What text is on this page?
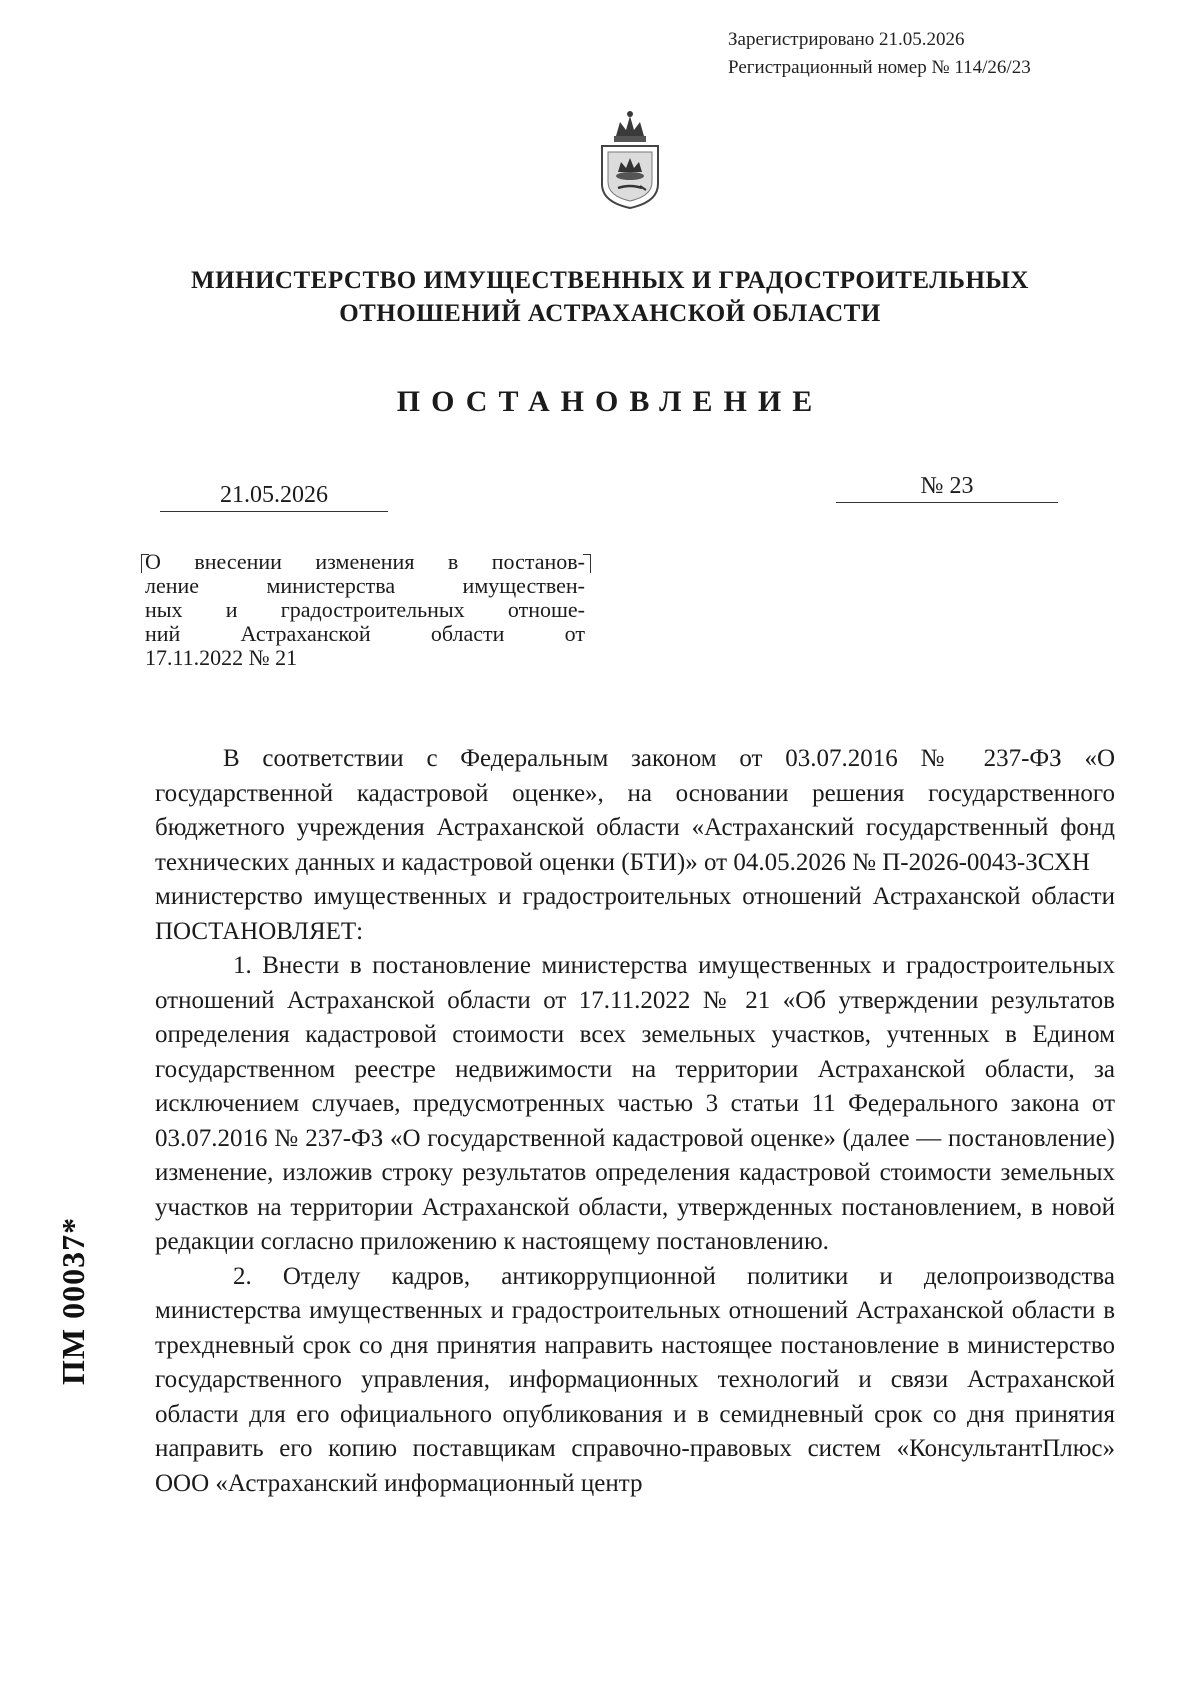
Зарегистрировано 21.05.2026
Регистрационный номер № 114/26/23
МИНИСТЕРСТВО ИМУЩЕСТВЕННЫХ И ГРАДОСТРОИТЕЛЬНЫХ
ОТНОШЕНИЙ АСТРАХАНСКОЙ ОБЛАСТИ
ПОСТАНОВЛЕНИЕ
21.05.2026	№ 23

О внесении изменения в постанов-

ление министерства имуществен-

ных и градостроительных отноше-

ний Астраханской области от

17.11.2022 № 21

В соответствии с Федеральным законом от 03.07.2016 № 237-ФЗ «О государственной кадастровой оценке», на основании решения государственного бюджетного учреждения Астраханской области «Астраханский государственный фонд технических данных и кадастровой оценки (БТИ)» от 04.05.2026 № П-2026-0043-ЗСХН

министерство имущественных и градостроительных отношений Астраханской области ПОСТАНОВЛЯЕТ:

1. Внести в постановление министерства имущественных и градостроительных отношений Астраханской области от 17.11.2022 № 21 «Об утверждении результатов определения кадастровой стоимости всех земельных участков, учтенных в Едином государственном реестре недвижимости на территории Астраханской области, за исключением случаев, предусмотренных частью 3 статьи 11 Федерального закона от 03.07.2016 № 237-ФЗ «О государственной кадастровой оценке» (далее — постановление) изменение, изложив строку результатов определения кадастровой стоимости земельных участков на территории Астраханской области, утвержденных постановлением, в новой редакции согласно приложению к настоящему постановлению.

2. Отделу кадров, антикоррупционной политики и делопроизводства министерства имущественных и градостроительных отношений Астраханской области в трехдневный срок со дня принятия направить настоящее постановление в министерство государственного управления, информационных технологий и связи Астраханской области для его официального опубликования и в семидневный срок со дня принятия направить его копию поставщикам справочно-правовых систем «КонсультантПлюс» ООО «Астраханский информационный центр

ПМ 00037*
